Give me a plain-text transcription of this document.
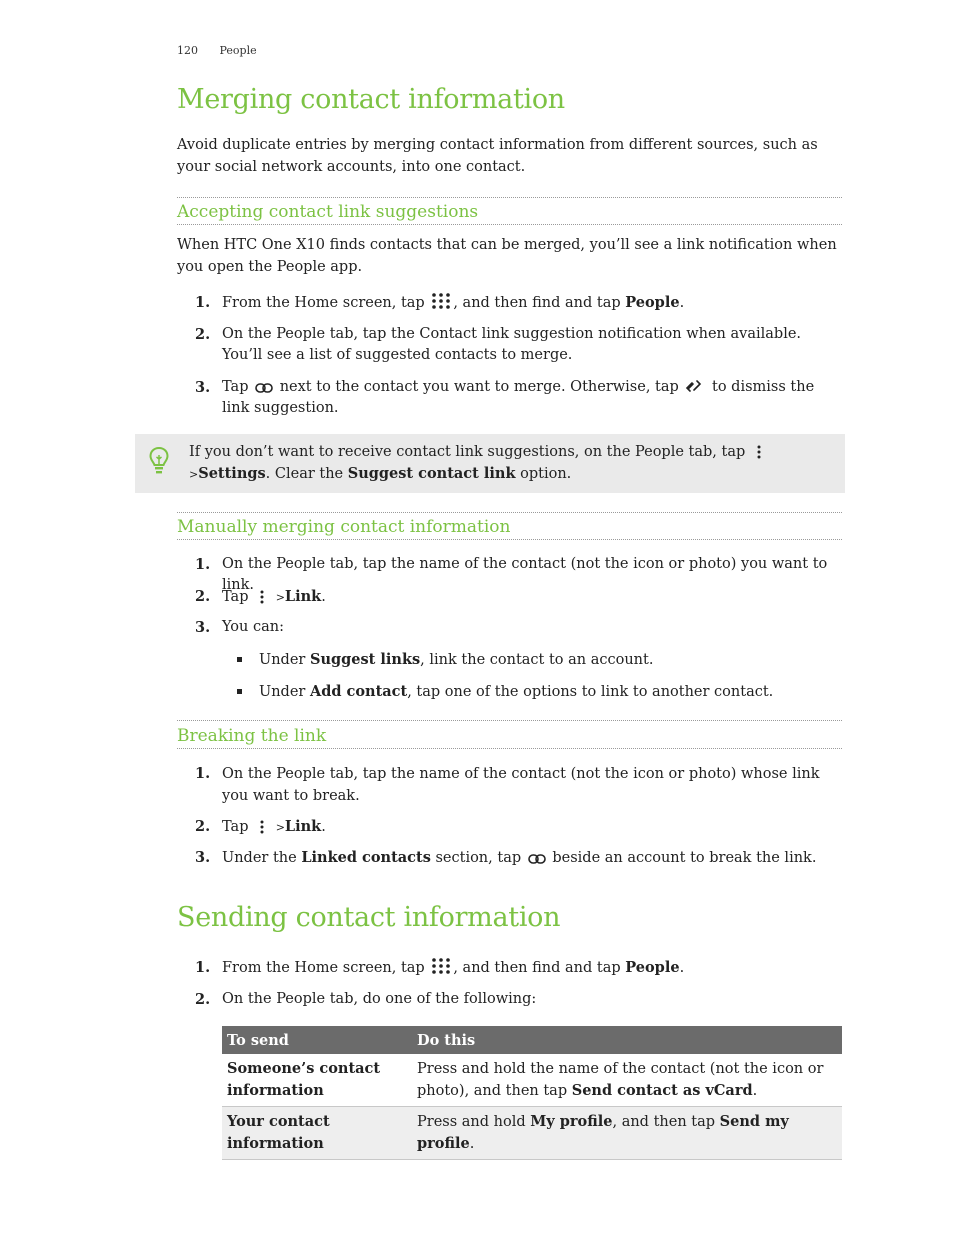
120 People
Merging contact information
Avoid duplicate entries by merging contact information from different sources, such as your social network accounts, into one contact.
Accepting contact link suggestions
When HTC One X10 finds contacts that can be merged, you’ll see a link notification when you open the People app.
1. From the Home screen, tap , and then find and tap People.
2. On the People tab, tap the Contact link suggestion notification when available. You’ll see a list of suggested contacts to merge.
3. Tap next to the contact you want to merge. Otherwise, tap to dismiss the link suggestion.
If you don’t want to receive contact link suggestions, on the People tab, tap  >Settings. Clear the Suggest contact link option.
Manually merging contact information
1. On the People tab, tap the name of the contact (not the icon or photo) you want to link.
2. Tap >Link.
3. You can:
Under Suggest links, link the contact to an account.
Under Add contact, tap one of the options to link to another contact.
Breaking the link
1. On the People tab, tap the name of the contact (not the icon or photo) whose link you want to break.
2. Tap >Link.
3. Under the Linked contacts section, tap beside an account to break the link.
Sending contact information
1. From the Home screen, tap , and then find and tap People.
2. On the People tab, do one of the following:
To send	Do this
Someone’s contact information	Press and hold the name of the contact (not the icon or photo), and then tap Send contact as vCard.
Your contact information	Press and hold My profile, and then tap Send my profile.
